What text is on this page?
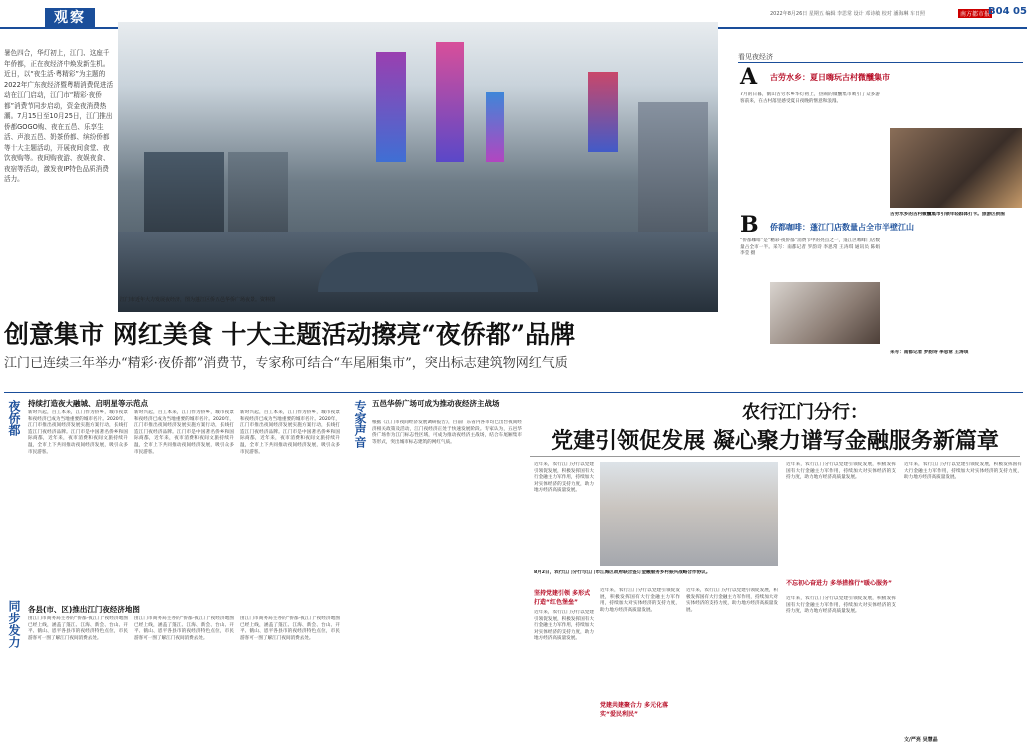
观察	2022年8月26日 星期五 编辑 李思常 设计 邓诗敏 校对 潘海琳 车日照	南方都市报
B04 05
暑色四合，华灯初上，江门、这座千年侨都，正在夜经济中焕发新生机。近日，以“夜生活·粤精彩”为主题的2022年广东夜经济暨粤精消费促进活动在江门启动，江门市“精彩·夜侨都”消费节同步启动，资金夜消费热潮。7月15日至10月25日，江门推出侨都GOGO购、夜在五邑、乐享生活、声浪五邑、奶茶侨都、缤纷侨都等十大主题活动，开展夜间食堂、夜饮夜购等。夜间购夜游、夜娱夜食、夜宿等活动，激发夜IP特色品质消费活力。
江门市近年大力发展夜经济，图为蓬江区侨五邑华侨广场夜景。资料图
看见夜经济
A 古劳水乡：夏日嗨玩古村微醺集市
7月的日暮，鹤山古劳水乡华灯初上，热闹的微醺集市吸引了众多游客前来，在古村落里感受夏日夜晚的惬意和浪漫。
古劳水乡的古村微醺集市引领年轻群体打卡。旅游区供图
B 侨都咖啡：蓬江门店数量占全市半壁江山
“侨都咖啡”是“精彩·夜侨都”消费节中的亮点之一，蓬江区咖啡门店数量占全市一半。采写：南都记者 罗韵诗 李思常 王涛琪 通讯员 陈娟 李莹 摄
采写：南都记者 罗韵诗 李思常 王涛琪
创意集市 网红美食 十大主题活动擦亮“夜侨都”品牌
江门已连续三年举办“精彩·夜侨都”消费节，专家称可结合“车尾厢集市”，突出标志建筑物网红气质
夜侨都
同步发力
持续打造夜大融城、启明星等示范点
新时兴起，百工本来，江门作为侨乡，城市夜景和夜经济已成为当地重要的城市名片。2020年，江门市推出夜间经济发展实施方案行动，长线打造江门夜经济品牌。江门市是中国著名侨乡和国际商都，近年来，夜市消费和夜间文旅持续升温，全市上下共同推动夜间经济发展，吸引众多市民游客。
新时兴起，百工本来，江门作为侨乡，城市夜景和夜经济已成为当地重要的城市名片。2020年，江门市推出夜间经济发展实施方案行动，长线打造江门夜经济品牌。江门市是中国著名侨乡和国际商都，近年来，夜市消费和夜间文旅持续升温，全市上下共同推动夜间经济发展，吸引众多市民游客。
新时兴起，百工本来，江门作为侨乡，城市夜景和夜经济已成为当地重要的城市名片。2020年，江门市推出夜间经济发展实施方案行动，长线打造江门夜经济品牌。江门市是中国著名侨乡和国际商都，近年来，夜市消费和夜间文旅持续升温，全市上下共同推动夜间经济发展，吸引众多市民游客。
各县(市、区)推出江门夜经济地图
由江门市商务局主办的“侨都·夜江门”夜经济地图已经上线，涵盖了蓬江、江海、新会、台山、开平、鹤山、恩平各县市的夜经济特色点位，市民游客可一图了解江门夜间消费去处。
由江门市商务局主办的“侨都·夜江门”夜经济地图已经上线，涵盖了蓬江、江海、新会、台山、开平、鹤山、恩平各县市的夜经济特色点位，市民游客可一图了解江门夜间消费去处。
由江门市商务局主办的“侨都·夜江门”夜经济地图已经上线，涵盖了蓬江、江海、新会、台山、开平、鹤山、恩平各县市的夜经济特色点位，市民游客可一图了解江门夜间消费去处。
专家声音 五邑华侨广场可成为推动夜经济主战场
根据《江门市夜间经济发展调研报告》，目前广东省内各市均已出台夜间经济相关政策及活动，江门夜经济正处于快速发展阶段。专家认为，五邑华侨广场作为江门标志性区域，可成为推动夜经济主战场，结合车尾厢集市等形式，突出城市标志建筑的网红气质。
农行江门分行：
党建引领促发展 凝心聚力谱写金融服务新篇章
近年来，农行江门分行以党建引领促发展，积极发挥国有大行金融主力军作用，持续加大对实体经济的支持力度，助力地方经济高质量发展。
8月2日，农行江门分行与江门市江海区政府联合签订金融服务乡村振兴战略合作协议。
坚持党建引领 多形式打造“红色堡垒”
近年来，农行江门分行以党建引领促发展，积极发挥国有大行金融主力军作用，持续加大对实体经济的支持力度，助力地方经济高质量发展。
党建共建聚合力 多元化落实“爱民利民”
近年来，农行江门分行以党建引领促发展，积极发挥国有大行金融主力军作用，持续加大对实体经济的支持力度，助力地方经济高质量发展。
近年来，农行江门分行以党建引领促发展，积极发挥国有大行金融主力军作用，持续加大对实体经济的支持力度，助力地方经济高质量发展。
近年来，农行江门分行以党建引领促发展，积极发挥国有大行金融主力军作用，持续加大对实体经济的支持力度，助力地方经济高质量发展。
不忘初心奋进力 多举措推行“暖心服务”
近年来，农行江门分行以党建引领促发展，积极发挥国有大行金融主力军作用，持续加大对实体经济的支持力度，助力地方经济高质量发展。
近年来，农行江门分行以党建引领促发展，积极发挥国有大行金融主力军作用，持续加大对实体经济的支持力度，助力地方经济高质量发展。
文/严亮 吴慧晶
